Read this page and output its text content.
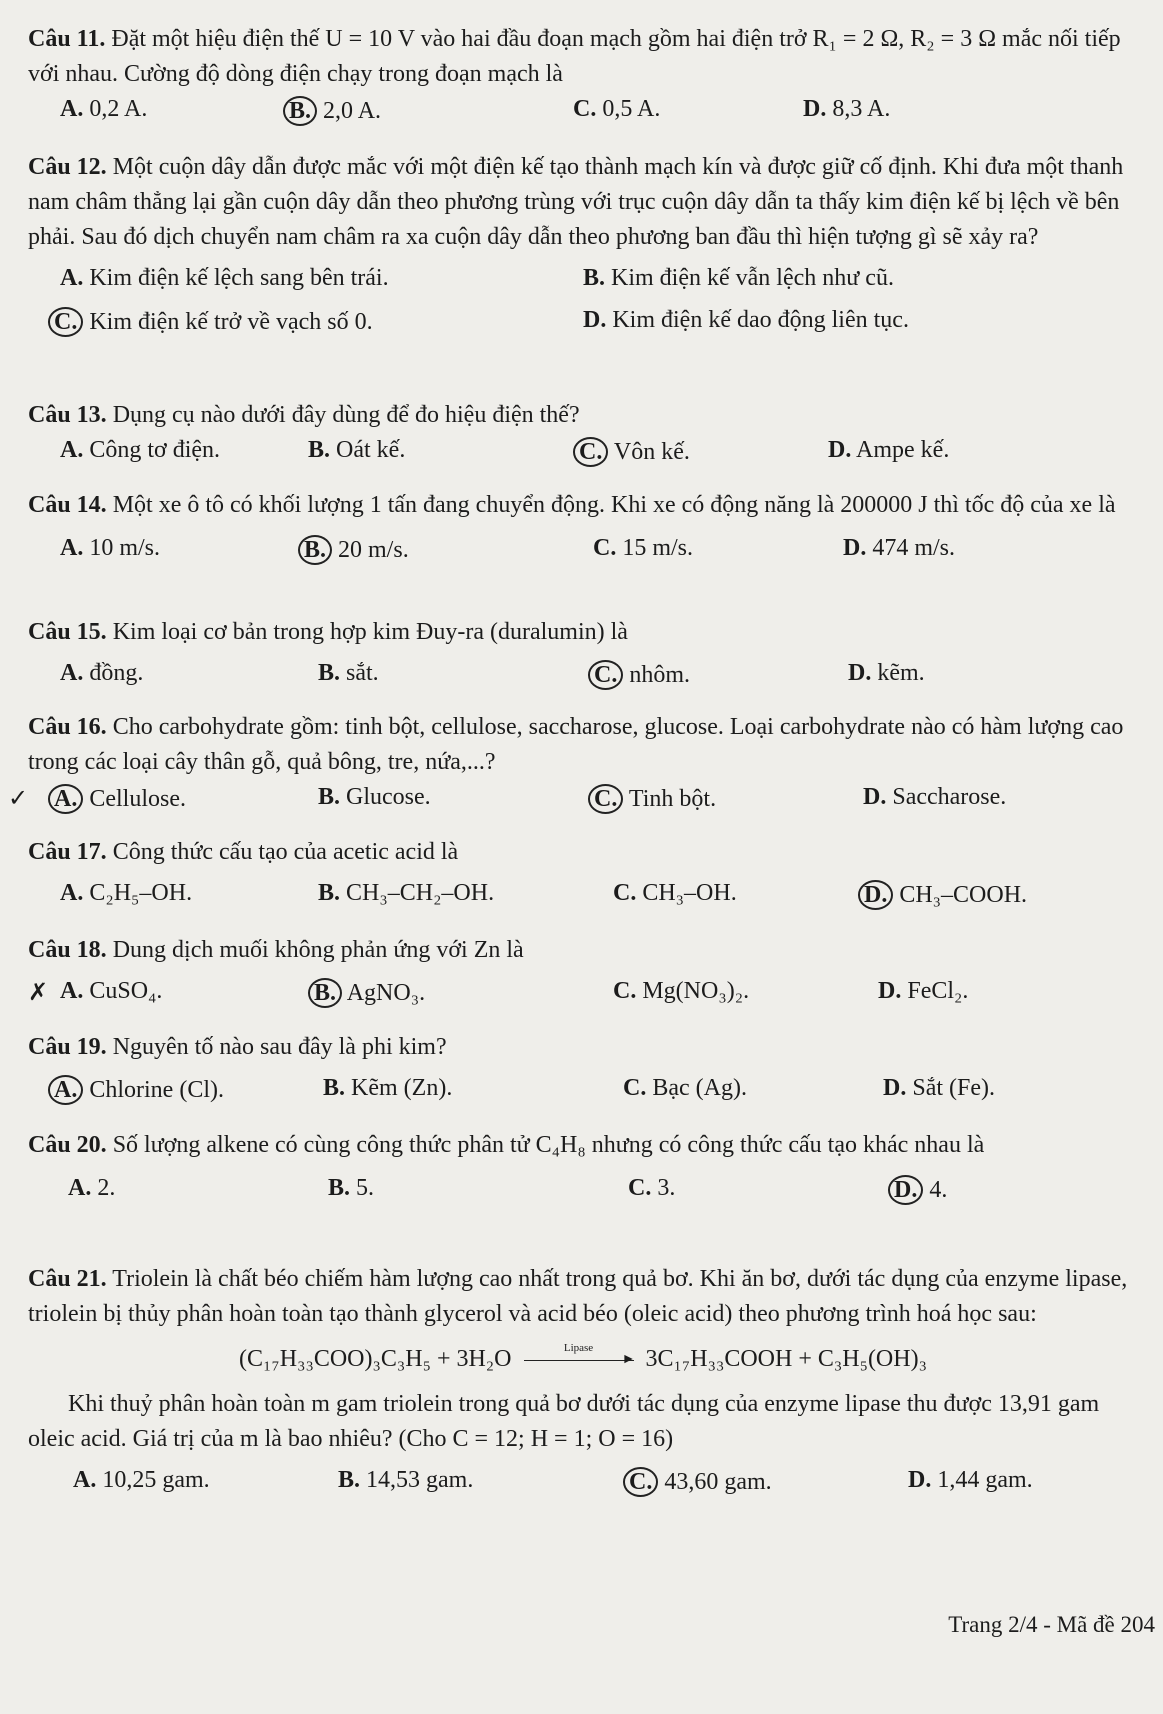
Câu 11. Đặt một hiệu điện thế U = 10 V vào hai đầu đoạn mạch gồm hai điện trở R₁ = 2 Ω, R₂ = 3 Ω mắc nối tiếp với nhau. Cường độ dòng điện chạy trong đoạn mạch là

A. 0,2 A.	B. 2,0 A.	C. 0,5 A.	D. 8,3 A.

Câu 12. Một cuộn dây dẫn được mắc với một điện kế tạo thành mạch kín và được giữ cố định. Khi đưa một thanh nam châm thẳng lại gần cuộn dây dẫn theo phương trùng với trục cuộn dây dẫn ta thấy kim điện kế bị lệch về bên phải. Sau đó dịch chuyển nam châm ra xa cuộn dây dẫn theo phương ban đầu thì hiện tượng gì sẽ xảy ra?

A. Kim điện kế lệch sang bên trái.	B. Kim điện kế vẫn lệch như cũ.
C. Kim điện kế trở về vạch số 0.	D. Kim điện kế dao động liên tục.

Câu 13. Dụng cụ nào dưới đây dùng để đo hiệu điện thế?

A. Công tơ điện.	B. Oát kế.	C. Vôn kế.	D. Ampe kế.

Câu 14. Một xe ô tô có khối lượng 1 tấn đang chuyển động. Khi xe có động năng là 200000 J thì tốc độ của xe là

A. 10 m/s.	B. 20 m/s.	C. 15 m/s.	D. 474 m/s.

Câu 15. Kim loại cơ bản trong hợp kim Đuy-ra (duralumin) là

A. đồng.	B. sắt.	C. nhôm.	D. kẽm.

Câu 16. Cho carbohydrate gồm: tinh bột, cellulose, saccharose, glucose. Loại carbohydrate nào có hàm lượng cao trong các loại cây thân gỗ, quả bông, tre, nứa,...?

✓ A. Cellulose.	B. Glucose.	C. Tinh bột.	D. Saccharose.

Câu 17. Công thức cấu tạo của acetic acid là

A. C₂H₅–OH.	B. CH₃–CH₂–OH.	C. CH₃–OH.	D. CH₃–COOH.

Câu 18. Dung dịch muối không phản ứng với Zn là

✗ A. CuSO₄.	B. AgNO₃.	C. Mg(NO₃)₂.	D. FeCl₂.

Câu 19. Nguyên tố nào sau đây là phi kim?

A. Chlorine (Cl).	B. Kẽm (Zn).	C. Bạc (Ag).	D. Sắt (Fe).

Câu 20. Số lượng alkene có cùng công thức phân tử C₄H₈ nhưng có công thức cấu tạo khác nhau là

A. 2.	B. 5.	C. 3.	D. 4.

Câu 21. Triolein là chất béo chiếm hàm lượng cao nhất trong quả bơ. Khi ăn bơ, dưới tác dụng của enzyme lipase, triolein bị thủy phân hoàn toàn tạo thành glycerol và acid béo (oleic acid) theo phương trình hoá học sau:

(C₁₇H₃₃COO)₃C₃H₅ + 3H₂O	Lipase
► 3C₁₇H₃₃COOH + C₃H₅(OH)₃

Khi thuỷ phân hoàn toàn m gam triolein trong quả bơ dưới tác dụng của enzyme lipase thu được 13,91 gam oleic acid. Giá trị của m là bao nhiêu? (Cho C = 12; H = 1; O = 16)

A. 10,25 gam.	B. 14,53 gam.	C. 43,60 gam.	D. 1,44 gam.
Trang 2/4 - Mã đề 204
